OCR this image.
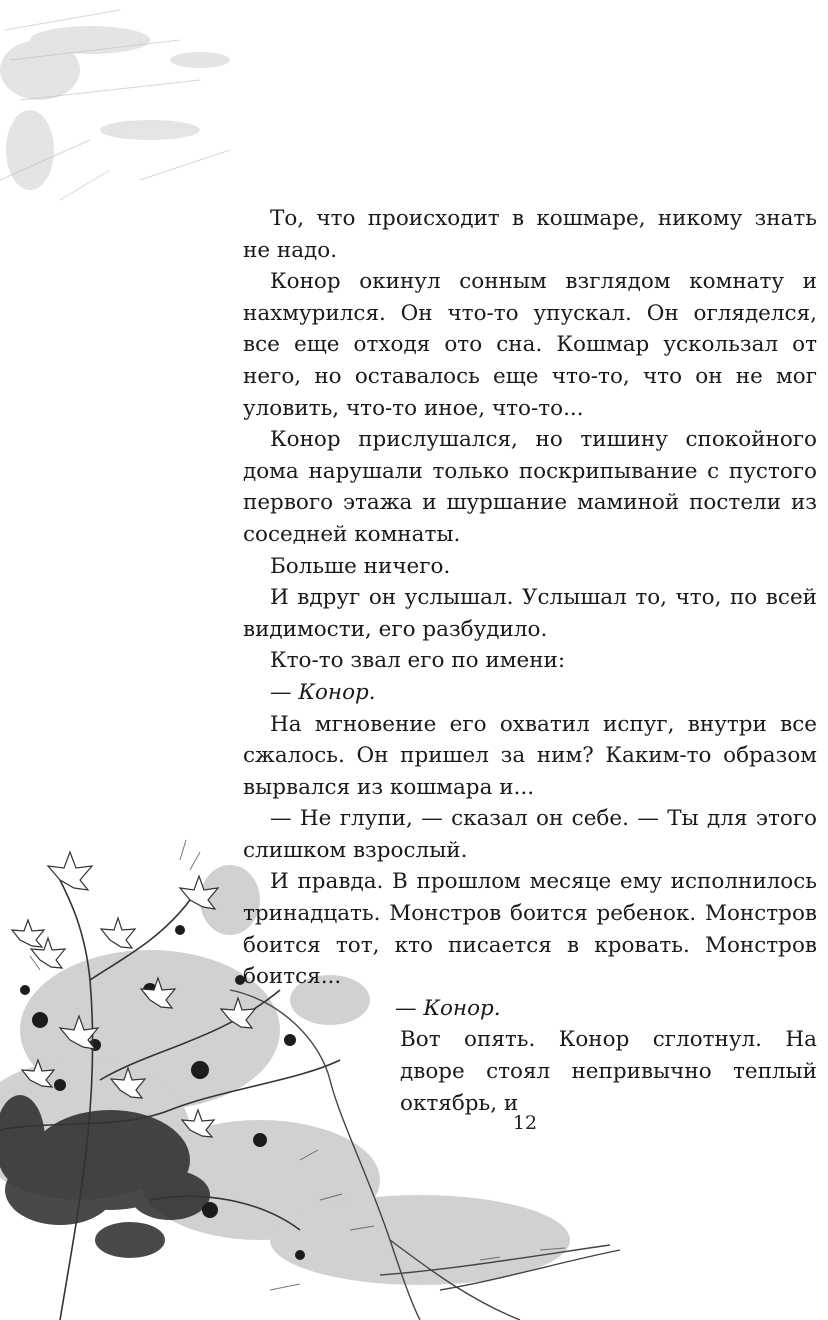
То, что происходит в кошмаре, никому знать не надо.

Конор окинул сонным взглядом комнату и нахмурился. Он что-то упускал. Он огляделся, все еще отходя ото сна. Кошмар ускользал от него, но оставалось еще что-то, что он не мог уловить, что-то иное, что-то...

Конор прислушался, но тишину спокойного дома нарушали только поскрипывание с пустого первого этажа и шуршание маминой постели из соседней комнаты.

Больше ничего.

И вдруг он услышал. Услышал то, что, по всей видимости, его разбудило.

Кто-то звал его по имени:

— Конор.

На мгновение его охватил испуг, внутри все сжалось. Он пришел за ним? Каким-то образом вырвался из кошмара и...

— Не глупи, — сказал он себе. — Ты для этого слишком взрослый.

И правда. В прошлом месяце ему исполнилось тринадцать. Монстров боится ребенок. Монстров боится тот, кто писается в кровать. Монстров боится...

— Конор.

Вот опять. Конор сглотнул. На дворе стоял непривычно теплый октябрь, и

12
